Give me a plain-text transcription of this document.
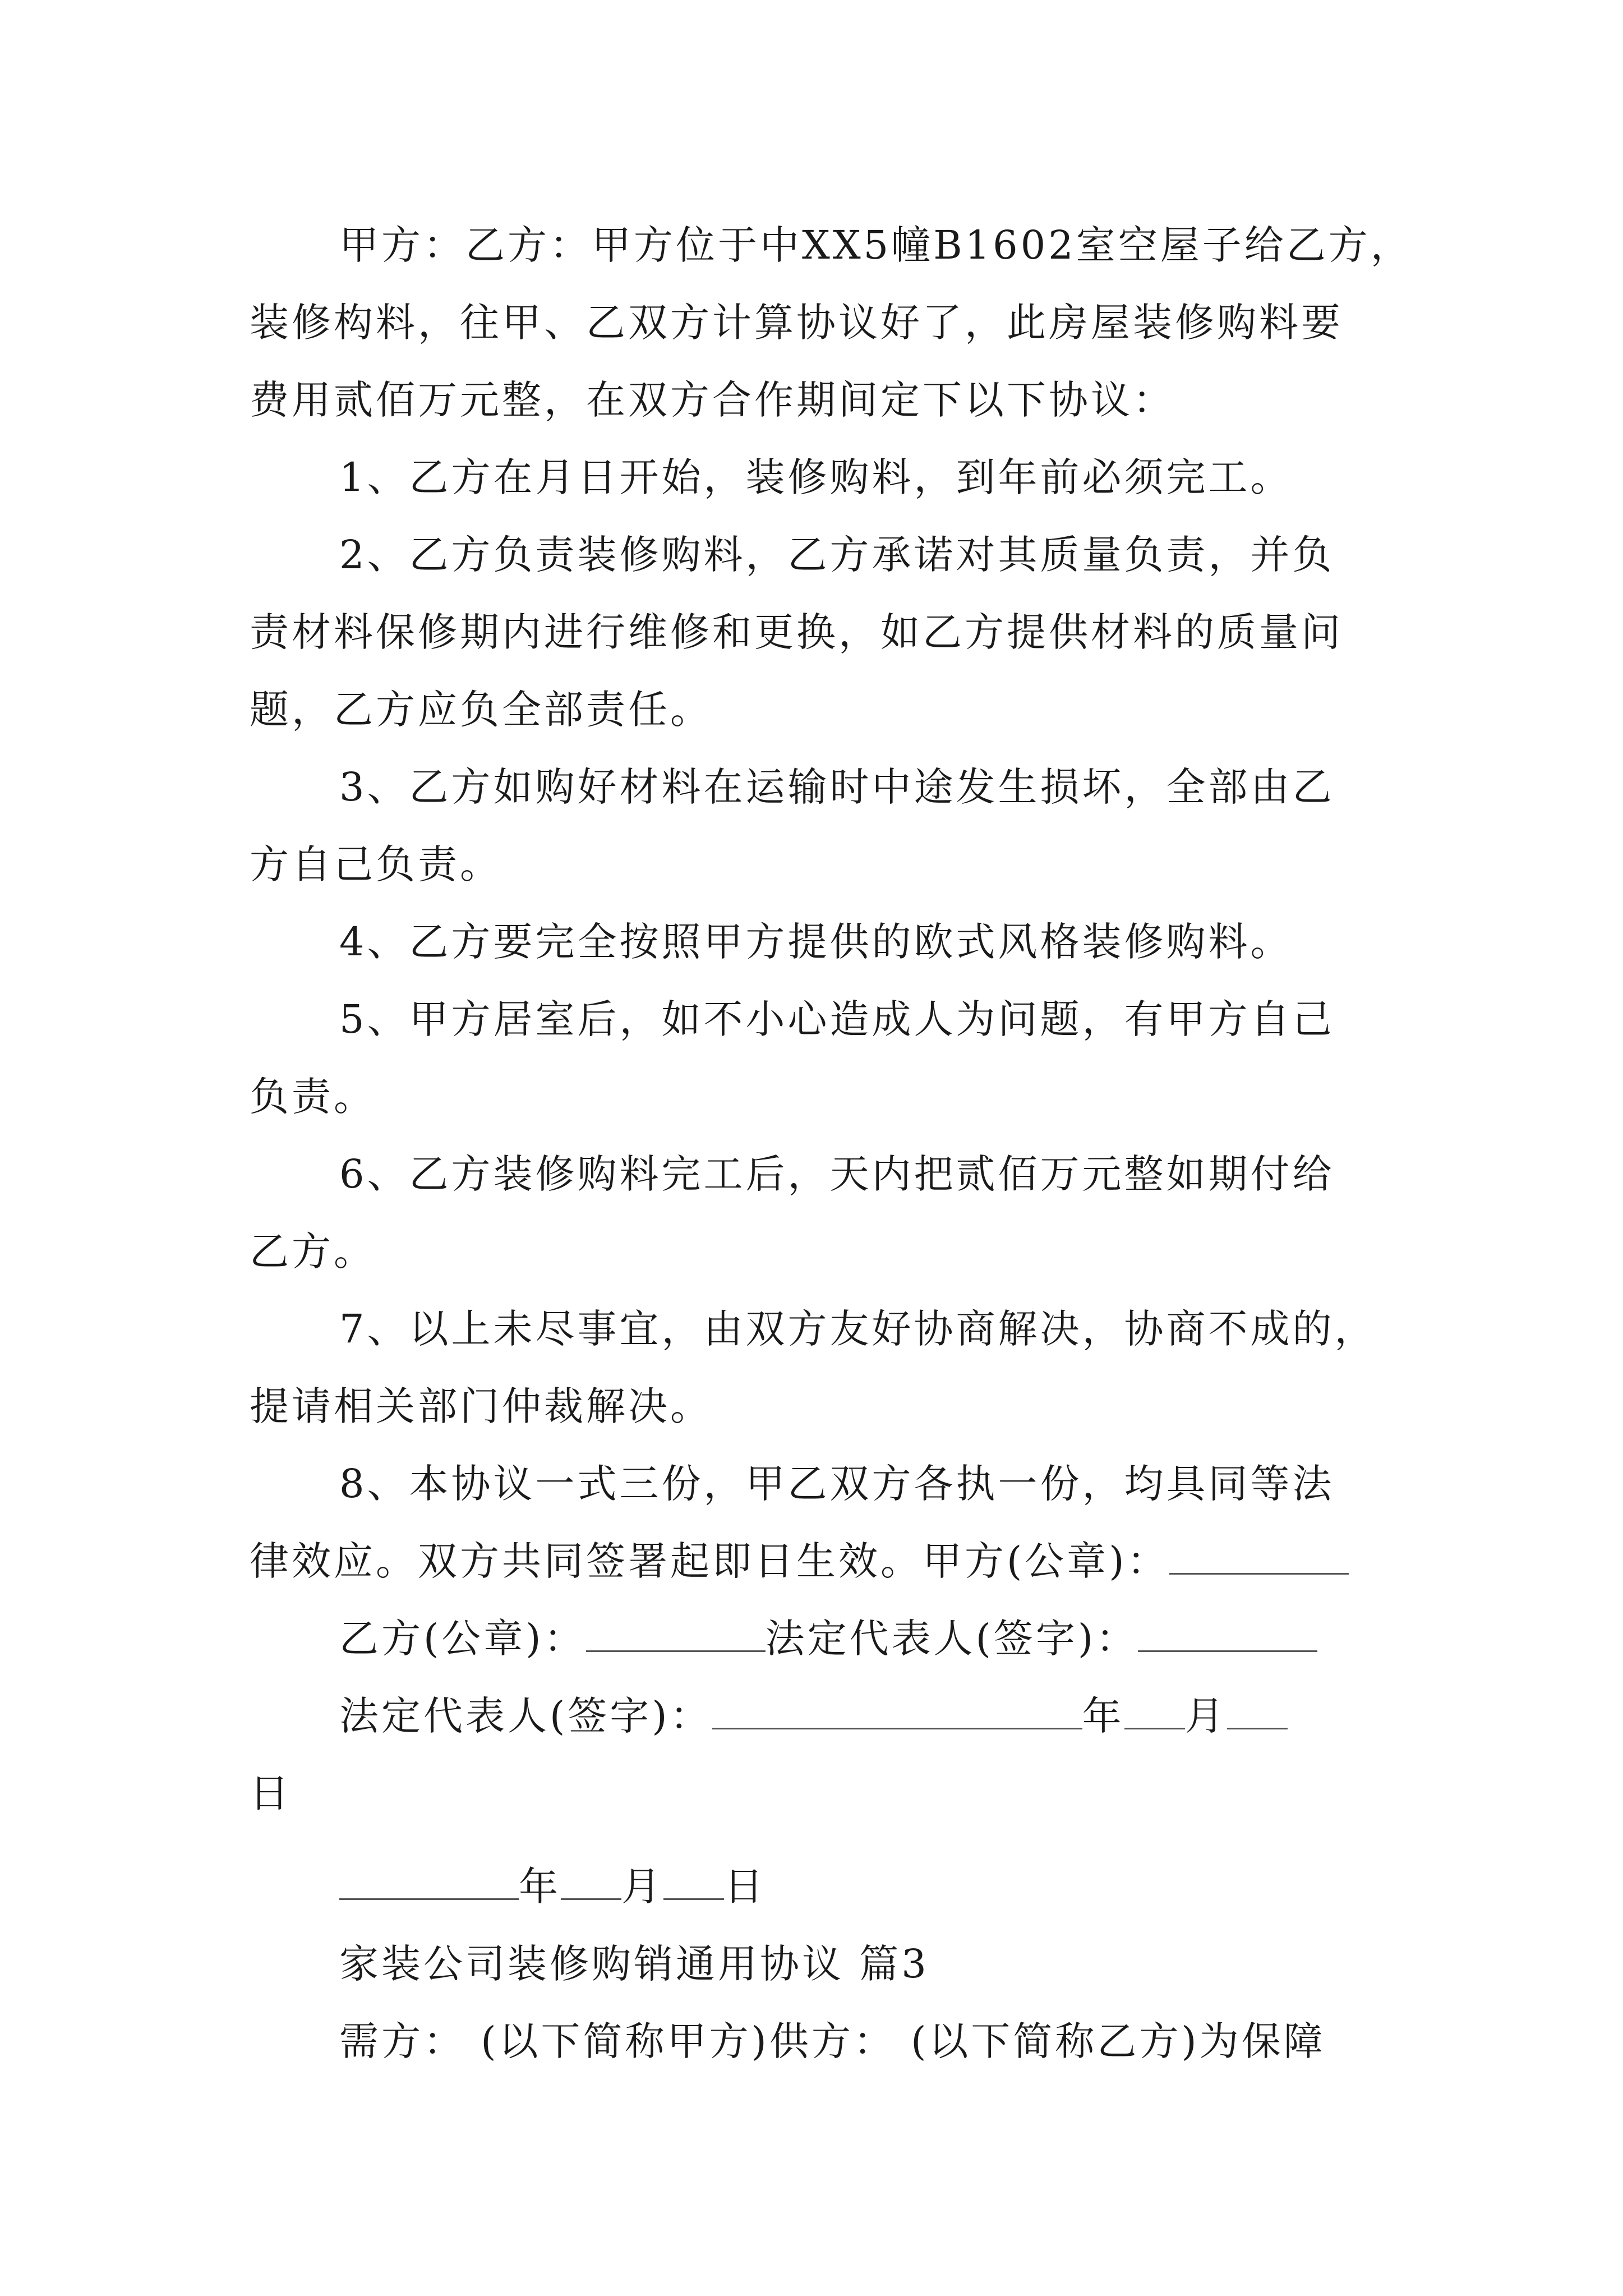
甲方：乙方：甲方位于中XX5幢B1602室空屋子给乙方，
装修构料，往甲、乙双方计算协议好了，此房屋装修购料要
费用贰佰万元整，在双方合作期间定下以下协议：
1、乙方在月日开始，装修购料，到年前必须完工。
2、乙方负责装修购料，乙方承诺对其质量负责，并负
责材料保修期内进行维修和更换，如乙方提供材料的质量问
题，乙方应负全部责任。
3、乙方如购好材料在运输时中途发生损坏，全部由乙
方自己负责。
4、乙方要完全按照甲方提供的欧式风格装修购料。
5、甲方居室后，如不小心造成人为问题，有甲方自己
负责。
6、乙方装修购料完工后，天内把贰佰万元整如期付给
乙方。
7、以上未尽事宜，由双方友好协商解决，协商不成的，
提请相关部门仲裁解决。
8、本协议一式三份，甲乙双方各执一份，均具同等法
律效应。双方共同签署起即日生效。甲方(公章)：
乙方(公章)：	法定代表人(签字)：
法定代表人(签字)：	年 月
日
年 月 日
家装公司装修购销通用协议 篇3
需方： (以下简称甲方)供方： (以下简称乙方)为保障
